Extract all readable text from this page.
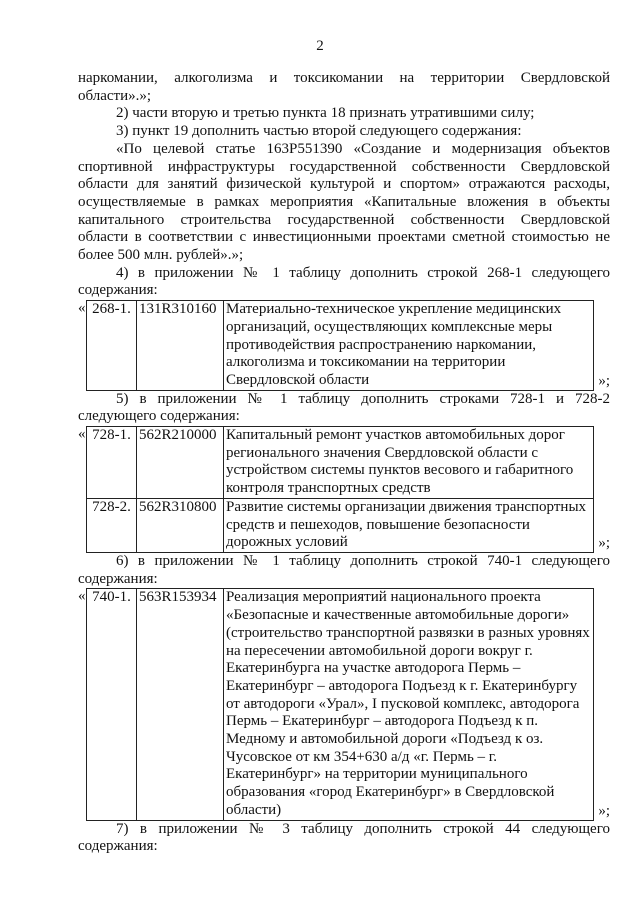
2

наркомании, алкоголизма и токсикомании на территории Свердловской области».»;

2) части вторую и третью пункта 18 признать утратившими силу;

3) пункт 19 дополнить частью второй следующего содержания:

«По целевой статье 163Р551390 «Создание и модернизация объектов спортивной инфраструктуры государственной собственности Свердловской области для занятий физической культурой и спортом» отражаются расходы, осуществляемые в рамках мероприятия «Капитальные вложения в объекты капитального строительства государственной собственности Свердловской области в соответствии с инвестиционными проектами сметной стоимостью не более 500 млн. рублей».»;

4) в приложении № 1 таблицу дополнить строкой 268-1 следующего содержания:

« 268-1.	131R310160	Материально-техническое укрепление медицинских организаций, осуществляющих комплексные меры противодействия распространению наркомании, алкоголизма и токсикомании на территории Свердловской области	»;

5) в приложении № 1 таблицу дополнить строками 728-1 и 728-2 следующего содержания:

« 728-1.	562R210000	Капитальный ремонт участков автомобильных дорог регионального значения Свердловской области с устройством системы пунктов весового и габаритного контроля транспортных средств
728-2.	562R310800	Развитие системы организации движения транспортных средств и пешеходов, повышение безопасности дорожных условий	»;

6) в приложении № 1 таблицу дополнить строкой 740-1 следующего содержания:

« 740-1.	563R153934	Реализация мероприятий национального проекта «Безопасные и качественные автомобильные дороги» (строительство транспортной развязки в разных уровнях на пересечении автомобильной дороги вокруг г. Екатеринбурга на участке автодорога Пермь – Екатеринбург – автодорога Подъезд к г. Екатеринбургу от автодороги «Урал», I пусковой комплекс, автодорога Пермь – Екатеринбург – автодорога Подъезд к п. Медному и автомобильной дороги «Подъезд к оз. Чусовское от км 354+630 а/д «г. Пермь – г. Екатеринбург» на территории муниципального образования «город Екатеринбург» в Свердловской области)	»;

7) в приложении № 3 таблицу дополнить строкой 44 следующего содержания:
